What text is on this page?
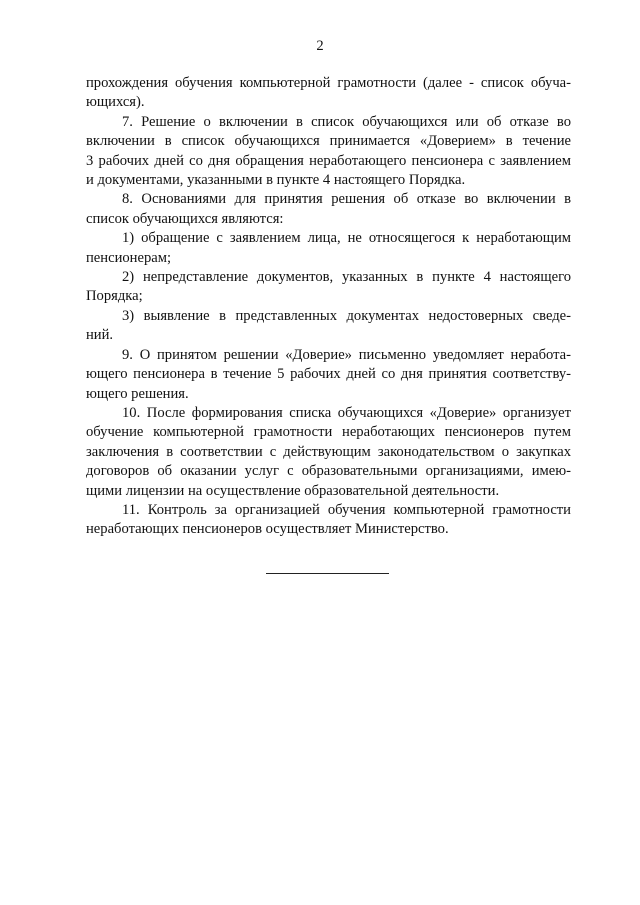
2

прохождения обучения компьютерной грамотности (далее - список обуча-
ющихся).

7. Решение о включении в список обучающихся или об отказе во
включении в список обучающихся принимается «Доверием» в течение
3 рабочих дней со дня обращения неработающего пенсионера с заявлением
и документами, указанными в пункте 4 настоящего Порядка.

8. Основаниями для принятия решения об отказе во включении в
список обучающихся являются:

1) обращение с заявлением лица, не относящегося к неработающим
пенсионерам;

2) непредставление документов, указанных в пункте 4 настоящего
Порядка;

3) выявление в представленных документах недостоверных сведе-
ний.

9. О принятом решении «Доверие» письменно уведомляет неработа-
ющего пенсионера в течение 5 рабочих дней со дня принятия соответству-
ющего решения.

10. После формирования списка обучающихся «Доверие» организует
обучение компьютерной грамотности неработающих пенсионеров путем
заключения в соответствии с действующим законодательством о закупках
договоров об оказании услуг с образовательными организациями, имею-
щими лицензии на осуществление образовательной деятельности.

11. Контроль за организацией обучения компьютерной грамотности
неработающих пенсионеров осуществляет Министерство.
